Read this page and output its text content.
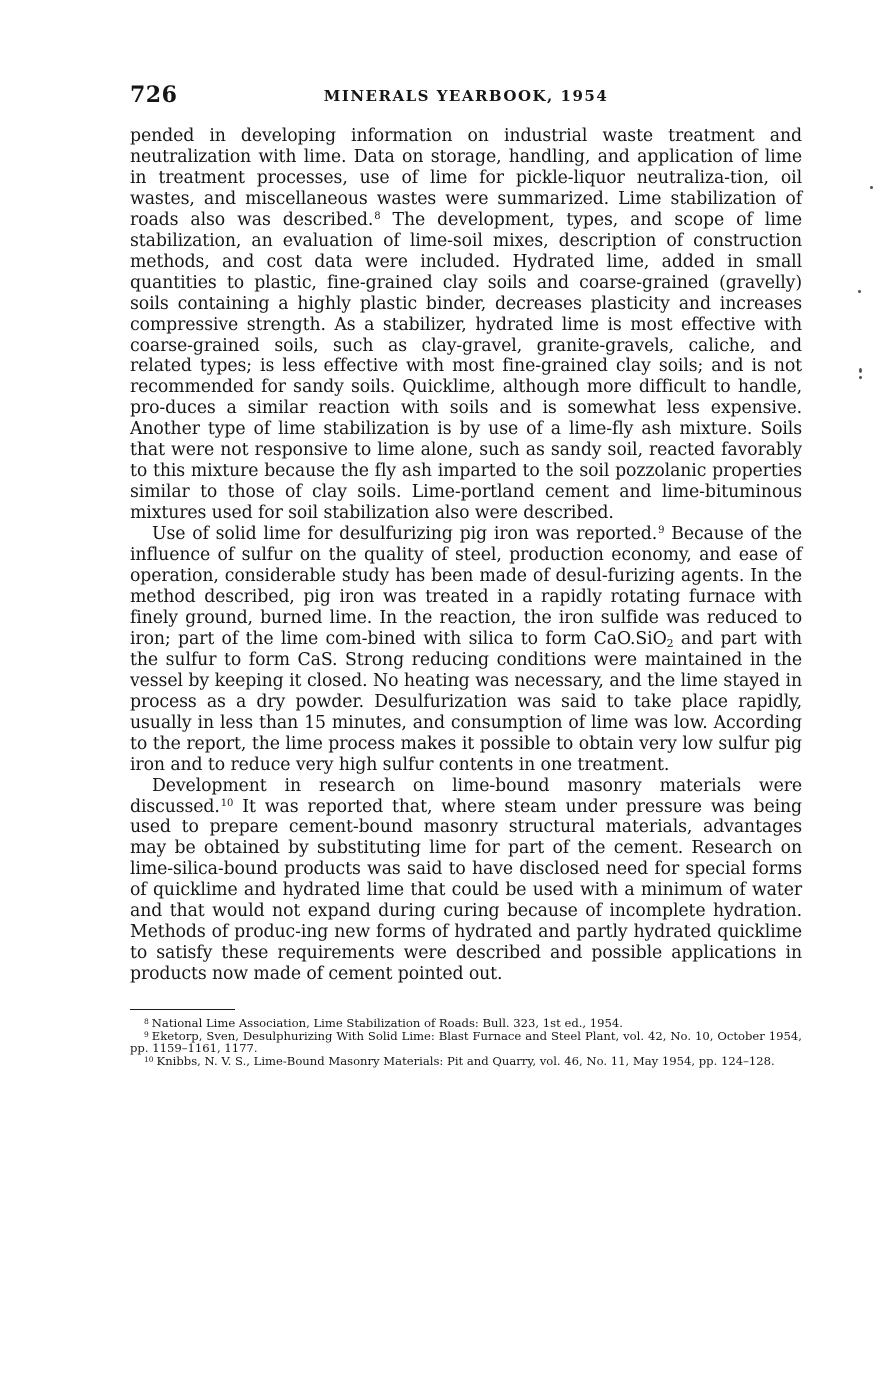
726	MINERALS YEARBOOK, 1954

pended in developing information on industrial waste treatment and neutralization with lime. Data on storage, handling, and application of lime in treatment processes, use of lime for pickle-liquor neutraliza-tion, oil wastes, and miscellaneous wastes were summarized. Lime stabilization of roads also was described.$^8$ The development, types, and scope of lime stabilization, an evaluation of lime-soil mixes, description of construction methods, and cost data were included. Hydrated lime, added in small quantities to plastic, fine-grained clay soils and coarse-grained (gravelly) soils containing a highly plastic binder, decreases plasticity and increases compressive strength. As a stabilizer, hydrated lime is most effective with coarse-grained soils, such as clay-gravel, granite-gravels, caliche, and related types; is less effective with most fine-grained clay soils; and is not recommended for sandy soils. Quicklime, although more difficult to handle, pro-duces a similar reaction with soils and is somewhat less expensive. Another type of lime stabilization is by use of a lime-fly ash mixture. Soils that were not responsive to lime alone, such as sandy soil, reacted favorably to this mixture because the fly ash imparted to the soil pozzolanic properties similar to those of clay soils. Lime-portland cement and lime-bituminous mixtures used for soil stabilization also were described.

Use of solid lime for desulfurizing pig iron was reported.$^9$ Because of the influence of sulfur on the quality of steel, production economy, and ease of operation, considerable study has been made of desul-furizing agents. In the method described, pig iron was treated in a rapidly rotating furnace with finely ground, burned lime. In the reaction, the iron sulfide was reduced to iron; part of the lime com-bined with silica to form CaO.SiO$_2$ and part with the sulfur to form CaS. Strong reducing conditions were maintained in the vessel by keeping it closed. No heating was necessary, and the lime stayed in process as a dry powder. Desulfurization was said to take place rapidly, usually in less than 15 minutes, and consumption of lime was low. According to the report, the lime process makes it possible to obtain very low sulfur pig iron and to reduce very high sulfur contents in one treatment.

Development in research on lime-bound masonry materials were discussed.$^{10}$ It was reported that, where steam under pressure was being used to prepare cement-bound masonry structural materials, advantages may be obtained by substituting lime for part of the cement. Research on lime-silica-bound products was said to have disclosed need for special forms of quicklime and hydrated lime that could be used with a minimum of water and that would not expand during curing because of incomplete hydration. Methods of produc-ing new forms of hydrated and partly hydrated quicklime to satisfy these requirements were described and possible applications in products now made of cement pointed out.

$^8$ National Lime Association, Lime Stabilization of Roads: Bull. 323, 1st ed., 1954.

$^9$ Eketorp, Sven, Desulphurizing With Solid Lime: Blast Furnace and Steel Plant, vol. 42, No. 10, October 1954, pp. 1159–1161, 1177.

$^{10}$ Knibbs, N. V. S., Lime-Bound Masonry Materials: Pit and Quarry, vol. 46, No. 11, May 1954, pp. 124–128.
